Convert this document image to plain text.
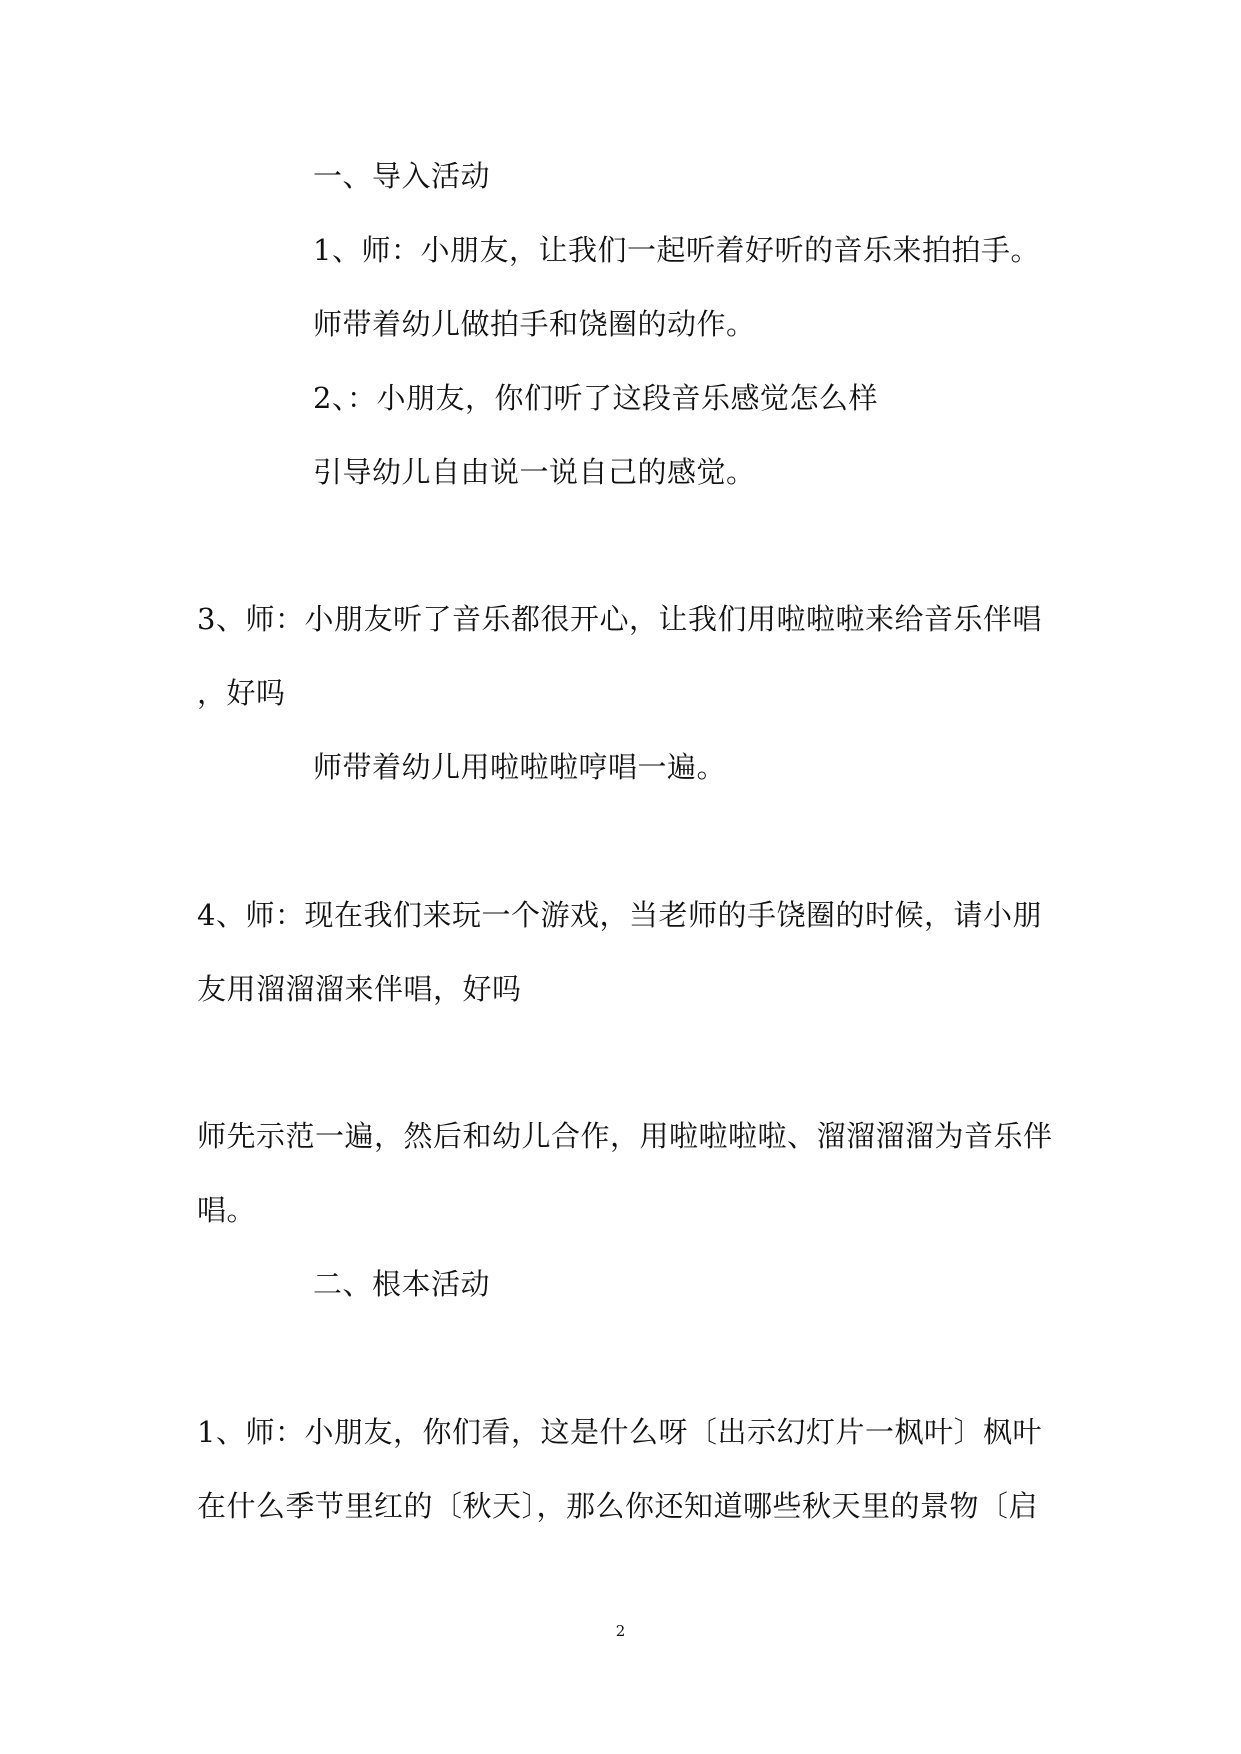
一、导入活动
1、师：小朋友，让我们一起听着好听的音乐来拍拍手。
师带着幼儿做拍手和饶圈的动作。
2、：小朋友，你们听了这段音乐感觉怎么样
引导幼儿自由说一说自己的感觉。
3、师：小朋友听了音乐都很开心，让我们用啦啦啦来给音乐伴唱
，好吗
师带着幼儿用啦啦啦哼唱一遍。
4、师：现在我们来玩一个游戏，当老师的手饶圈的时候，请小朋
友用溜溜溜来伴唱，好吗
师先示范一遍，然后和幼儿合作，用啦啦啦啦、溜溜溜溜为音乐伴
唱。
二、根本活动
1、师：小朋友，你们看，这是什么呀〔出示幻灯片一枫叶〕枫叶
在什么季节里红的〔秋天〕，那么你还知道哪些秋天里的景物〔启
2
